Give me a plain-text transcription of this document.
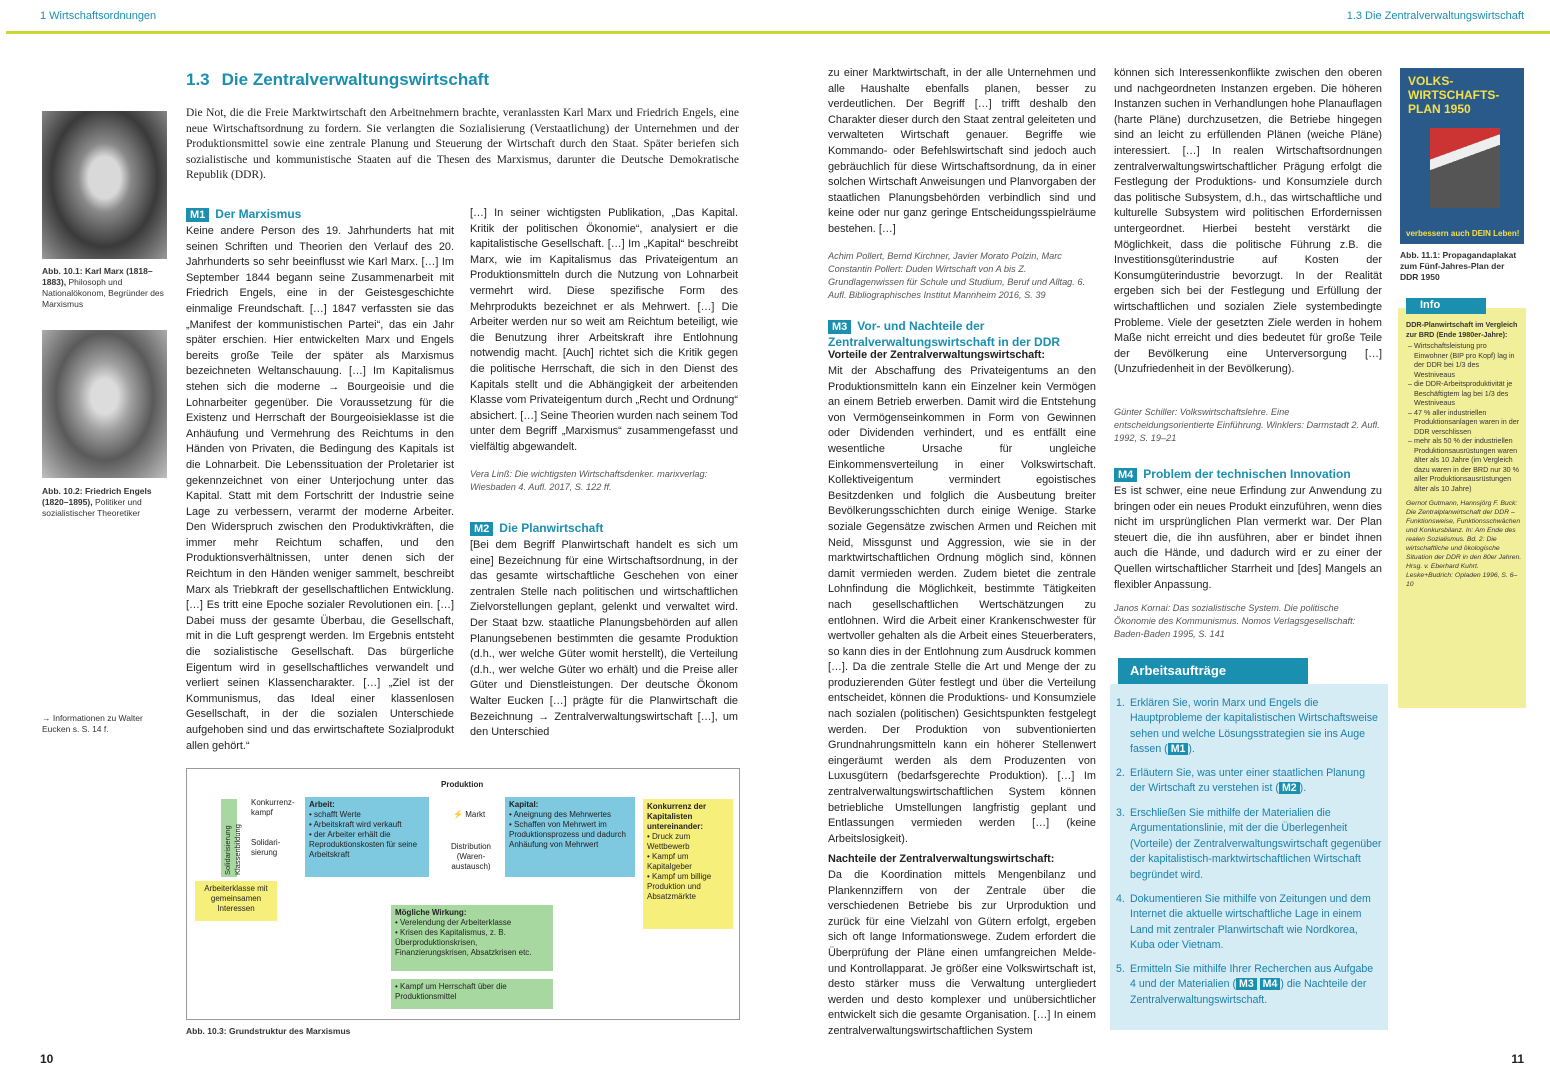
1 Wirtschaftsordnungen	1.3 Die Zentralverwaltungswirtschaft
Abb. 10.1: Karl Marx (1818–1883), Philosoph und Nationalökonom, Begründer des Marxismus
Abb. 10.2: Friedrich Engels (1820–1895), Politiker und sozialistischer Theoretiker
→ Informationen zu Walter Eucken s. S. 14 f.
1.3 Die Zentralverwaltungswirtschaft
Die Not, die die Freie Marktwirtschaft den Arbeitnehmern brachte, veranlassten Karl Marx und Friedrich Engels, eine neue Wirtschaftsordnung zu fordern. Sie verlangten die Sozialisierung (Verstaatlichung) der Unternehmen und der Produktionsmittel sowie eine zentrale Planung und Steuerung der Wirtschaft durch den Staat. Später beriefen sich sozialistische und kommunistische Staaten auf die Thesen des Marxismus, darunter die Deutsche Demokratische Republik (DDR).
M1 Der Marxismus
Keine andere Person des 19. Jahrhunderts hat mit seinen Schriften und Theorien den Verlauf des 20. Jahrhunderts so sehr beeinflusst wie Karl Marx. […] Im September 1844 begann seine Zusammenarbeit mit Friedrich Engels, eine in der Geistesgeschichte einmalige Freundschaft. […] 1847 verfassten sie das „Manifest der kommunistischen Partei“, das ein Jahr später erschien. Hier entwickelten Marx und Engels bereits große Teile der später als Marxismus bezeichneten Weltanschauung. […] Im Kapitalismus stehen sich die moderne → Bourgeoisie und die Lohnarbeiter gegenüber. Die Voraussetzung für die Existenz und Herrschaft der Bourgeoisieklasse ist die Anhäufung und Vermehrung des Reichtums in den Händen von Privaten, die Bedingung des Kapitals ist die Lohnarbeit. Die Lebenssituation der Proletarier ist gekennzeichnet von einer Unterjochung unter das Kapital. Statt mit dem Fortschritt der Industrie seine Lage zu verbessern, verarmt der moderne Arbeiter. Den Widerspruch zwischen den Produktivkräften, die immer mehr Reichtum schaffen, und den Produktionsverhältnissen, unter denen sich der Reichtum in den Händen weniger sammelt, beschreibt Marx als Triebkraft der gesellschaftlichen Entwicklung. […] Es tritt eine Epoche sozialer Revolutionen ein. […] Dabei muss der gesamte Überbau, die Gesellschaft, mit in die Luft gesprengt werden. Im Ergebnis entsteht die sozialistische Gesellschaft. Das bürgerliche Eigentum wird in gesellschaftliches verwandelt und verliert seinen Klassencharakter. […] „Ziel ist der Kommunismus, das Ideal einer klassenlosen Gesellschaft, in der die sozialen Unterschiede aufgehoben sind und das erwirtschaftete Sozialprodukt allen gehört.“
[…] In seiner wichtigsten Publikation, „Das Kapital. Kritik der politischen Ökonomie“, analysiert er die kapitalistische Gesellschaft. […] Im „Kapital“ beschreibt Marx, wie im Kapitalismus das Privateigentum an Produktionsmitteln durch die Nutzung von Lohnarbeit vermehrt wird. Diese spezifische Form des Mehrprodukts bezeichnet er als Mehrwert. […] Die Arbeiter werden nur so weit am Reichtum beteiligt, wie die Benutzung ihrer Arbeitskraft ihre Entlohnung notwendig macht. [Auch] richtet sich die Kritik gegen die politische Herrschaft, die sich in den Dienst des Kapitals stellt und die Abhängigkeit der arbeitenden Klasse vom Privateigentum durch „Recht und Ordnung“ absichert. […] Seine Theorien wurden nach seinem Tod unter dem Begriff „Marxismus“ zusammengefasst und vielfältig abgewandelt.
Vera Linß: Die wichtigsten Wirtschaftsdenker. marixverlag: Wiesbaden 4. Aufl. 2017, S. 122 ff.
M2 Die Planwirtschaft
[Bei dem Begriff Planwirtschaft handelt es sich um eine] Bezeichnung für eine Wirtschaftsordnung, in der das gesamte wirtschaftliche Geschehen von einer zentralen Stelle nach politischen und wirtschaftlichen Zielvorstellungen geplant, gelenkt und verwaltet wird. Der Staat bzw. staatliche Planungsbehörden auf allen Planungsebenen bestimmten die gesamte Produktion (d.h., wer welche Güter womit herstellt), die Verteilung (d.h., wer welche Güter wo erhält) und die Preise aller Güter und Dienstleistungen. Der deutsche Ökonom Walter Eucken […] prägte für die Planwirtschaft die Bezeichnung → Zentralverwaltungswirtschaft […], um den Unterschied
Produktion
Solidarisierung Klassenbildung
Konkurrenzkampf
Solidarisierung
Arbeit:
• schafft Werte
• Arbeitskraft wird verkauft
• der Arbeiter erhält die Reproduktionskosten für seine Arbeitskraft
⚡ Markt
Distribution (Warenaustausch)
Kapital:
• Aneignung des Mehrwertes
• Schaffen von Mehrwert im Produktionsprozess und dadurch Anhäufung von Mehrwert
Konkurrenz der Kapitalisten untereinander:
• Druck zum Wettbewerb
• Kampf um Kapitalgeber
• Kampf um billige Produktion und Absatzmärkte
Arbeiterklasse mit gemeinsamen Interessen	Mögliche Wirkung:
• Verelendung der Arbeiterklasse
• Krisen des Kapitalismus, z. B. Überproduktionskrisen, Finanzierungskrisen, Absatzkrisen etc.
• Kampf um Herrschaft über die Produktionsmittel
Abb. 10.3: Grundstruktur des Marxismus
zu einer Marktwirtschaft, in der alle Unternehmen und alle Haushalte ebenfalls planen, besser zu verdeutlichen. Der Begriff […] trifft deshalb den Charakter dieser durch den Staat zentral geleiteten und verwalteten Wirtschaft genauer. Begriffe wie Kommando- oder Befehlswirtschaft sind jedoch auch gebräuchlich für diese Wirtschaftsordnung, da in einer solchen Wirtschaft Anweisungen und Planvorgaben der staatlichen Planungsbehörden verbindlich sind und keine oder nur ganz geringe Entscheidungsspielräume bestehen. […]
Achim Pollert, Bernd Kirchner, Javier Morato Polzin, Marc Constantin Pollert: Duden Wirtschaft von A bis Z. Grundlagenwissen für Schule und Studium, Beruf und Alltag. 6. Aufl. Bibliographisches Institut Mannheim 2016, S. 39
M3 Vor- und Nachteile der Zentralverwaltungswirtschaft in der DDR
Vorteile der Zentralverwaltungswirtschaft:
Mit der Abschaffung des Privateigentums an den Produktionsmitteln kann ein Einzelner kein Vermögen an einem Betrieb erwerben. Damit wird die Entstehung von Vermögenseinkommen in Form von Gewinnen oder Dividenden verhindert, und es entfällt eine wesentliche Ursache für ungleiche Einkommensverteilung in einer Volkswirtschaft. Kollektiveigentum vermindert egoistisches Besitzdenken und folglich die Ausbeutung breiter Bevölkerungsschichten durch einige Wenige. Starke soziale Gegensätze zwischen Armen und Reichen mit Neid, Missgunst und Aggression, wie sie in der marktwirtschaftlichen Ordnung möglich sind, können damit vermieden werden. Zudem bietet die zentrale Lohnfindung die Möglichkeit, bestimmte Tätigkeiten nach gesellschaftlichen Wertschätzungen zu entlohnen. Wird die Arbeit einer Krankenschwester für wertvoller gehalten als die Arbeit eines Steuerberaters, so kann dies in der Entlohnung zum Ausdruck kommen […]. Da die zentrale Stelle die Art und Menge der zu produzierenden Güter festlegt und über die Verteilung entscheidet, können die Produktions- und Konsumziele nach sozialen (politischen) Gesichtspunkten festgelegt werden. Der Produktion von subventionierten Grundnahrungsmitteln kann ein höherer Stellenwert eingeräumt werden als dem Produzenten von Luxusgütern (bedarfsgerechte Produktion). […] Im zentralverwaltungswirtschaftlichen System können betriebliche Umstellungen langfristig geplant und Entlassungen vermieden werden […] (keine Arbeitslosigkeit).
Nachteile der Zentralverwaltungswirtschaft:
Da die Koordination mittels Mengenbilanz und Plankennziffern von der Zentrale über die verschiedenen Betriebe bis zur Urproduktion und zurück für eine Vielzahl von Gütern erfolgt, ergeben sich oft lange Informationswege. Zudem erfordert die Überprüfung der Pläne einen umfangreichen Melde- und Kontrollapparat. Je größer eine Volkswirtschaft ist, desto stärker muss die Verwaltung untergliedert werden und desto komplexer und unübersichtlicher entwickelt sich die gesamte Organisation. […] In einem zentralverwaltungswirtschaftlichen System
können sich Interessenkonflikte zwischen den oberen und nachgeordneten Instanzen ergeben. Die höheren Instanzen suchen in Verhandlungen hohe Planauflagen (harte Pläne) durchzusetzen, die Betriebe hingegen sind an leicht zu erfüllenden Plänen (weiche Pläne) interessiert. […] In realen Wirtschaftsordnungen zentralverwaltungswirtschaftlicher Prägung erfolgt die Festlegung der Produktions- und Konsumziele durch das politische Subsystem, d.h., das wirtschaftliche und kulturelle Subsystem wird politischen Erfordernissen untergeordnet. Hierbei besteht verstärkt die Möglichkeit, dass die politische Führung z.B. die Investitionsgüterindustrie auf Kosten der Konsumgüterindustrie bevorzugt. In der Realität ergeben sich bei der Festlegung und Erfüllung der wirtschaftlichen und sozialen Ziele systembedingte Probleme. Viele der gesetzten Ziele werden in hohem Maße nicht erreicht und dies bedeutet für große Teile der Bevölkerung eine Unterversorgung […] (Unzufriedenheit in der Bevölkerung).
Günter Schiller: Volkswirtschaftslehre. Eine entscheidungsorientierte Einführung. Winklers: Darmstadt 2. Aufl. 1992, S. 19–21
M4 Problem der technischen Innovation
Es ist schwer, eine neue Erfindung zur Anwendung zu bringen oder ein neues Produkt einzuführen, wenn dies nicht im ursprünglichen Plan vermerkt war. Der Plan steuert die, die ihn ausführen, aber er bindet ihnen auch die Hände, und dadurch wird er zu einer der Quellen wirtschaftlicher Starrheit und [des] Mangels an flexibler Anpassung.
Janos Kornai: Das sozialistische System. Die politische Ökonomie des Kommunismus. Nomos Verlagsgesellschaft: Baden-Baden 1995, S. 141
Arbeitsaufträge
1. Erklären Sie, worin Marx und Engels die Hauptprobleme der kapitalistischen Wirtschaftsweise sehen und welche Lösungsstrategien sie ins Auge fassen ( M1 ).
2. Erläutern Sie, was unter einer staatlichen Planung der Wirtschaft zu verstehen ist ( M2 ).
3. Erschließen Sie mithilfe der Materialien die Argumentationslinie, mit der die Überlegenheit (Vorteile) der Zentralverwaltungswirtschaft gegenüber der kapitalistisch-marktwirtschaftlichen Wirtschaft begründet wird.
4. Dokumentieren Sie mithilfe von Zeitungen und dem Internet die aktuelle wirtschaftliche Lage in einem Land mit zentraler Planwirtschaft wie Nordkorea, Kuba oder Vietnam.
5. Ermitteln Sie mithilfe Ihrer Recherchen aus Aufgabe 4 und der Materialien ( M3 M4 ) die Nachteile der Zentralverwaltungswirtschaft.
VOLKS-
WIRTSCHAFTS-
PLAN 1950
verbessern auch DEIN Leben!
Abb. 11.1: Propagandaplakat zum Fünf-Jahres-Plan der DDR 1950
Info
DDR-Planwirtschaft im Vergleich zur BRD (Ende 1980er-Jahre):
– Wirtschaftsleistung pro Einwohner (BIP pro Kopf) lag in der DDR bei 1/3 des Westniveaus
– die DDR-Arbeitsproduktivität je Beschäftigtem lag bei 1/3 des Westniveaus
– 47 % aller industriellen Produktionsanlagen waren in der DDR verschlissen
– mehr als 50 % der industriellen Produktionsausrüstungen waren älter als 10 Jahre (im Vergleich dazu waren in der BRD nur 30 % aller Produktionsausrüstungen älter als 10 Jahre)
Gernot Gutmann, Hannsjörg F. Buck: Die Zentralplanwirtschaft der DDR – Funktionsweise, Funktionsschwächen und Konkursbilanz. In: Am Ende des realen Sozialismus. Bd. 2: Die wirtschaftliche und ökologische Situation der DDR in den 80er Jahren. Hrsg. v. Eberhard Kuhrt. Leske+Budrich: Opladen 1996, S. 6–10
10	11
